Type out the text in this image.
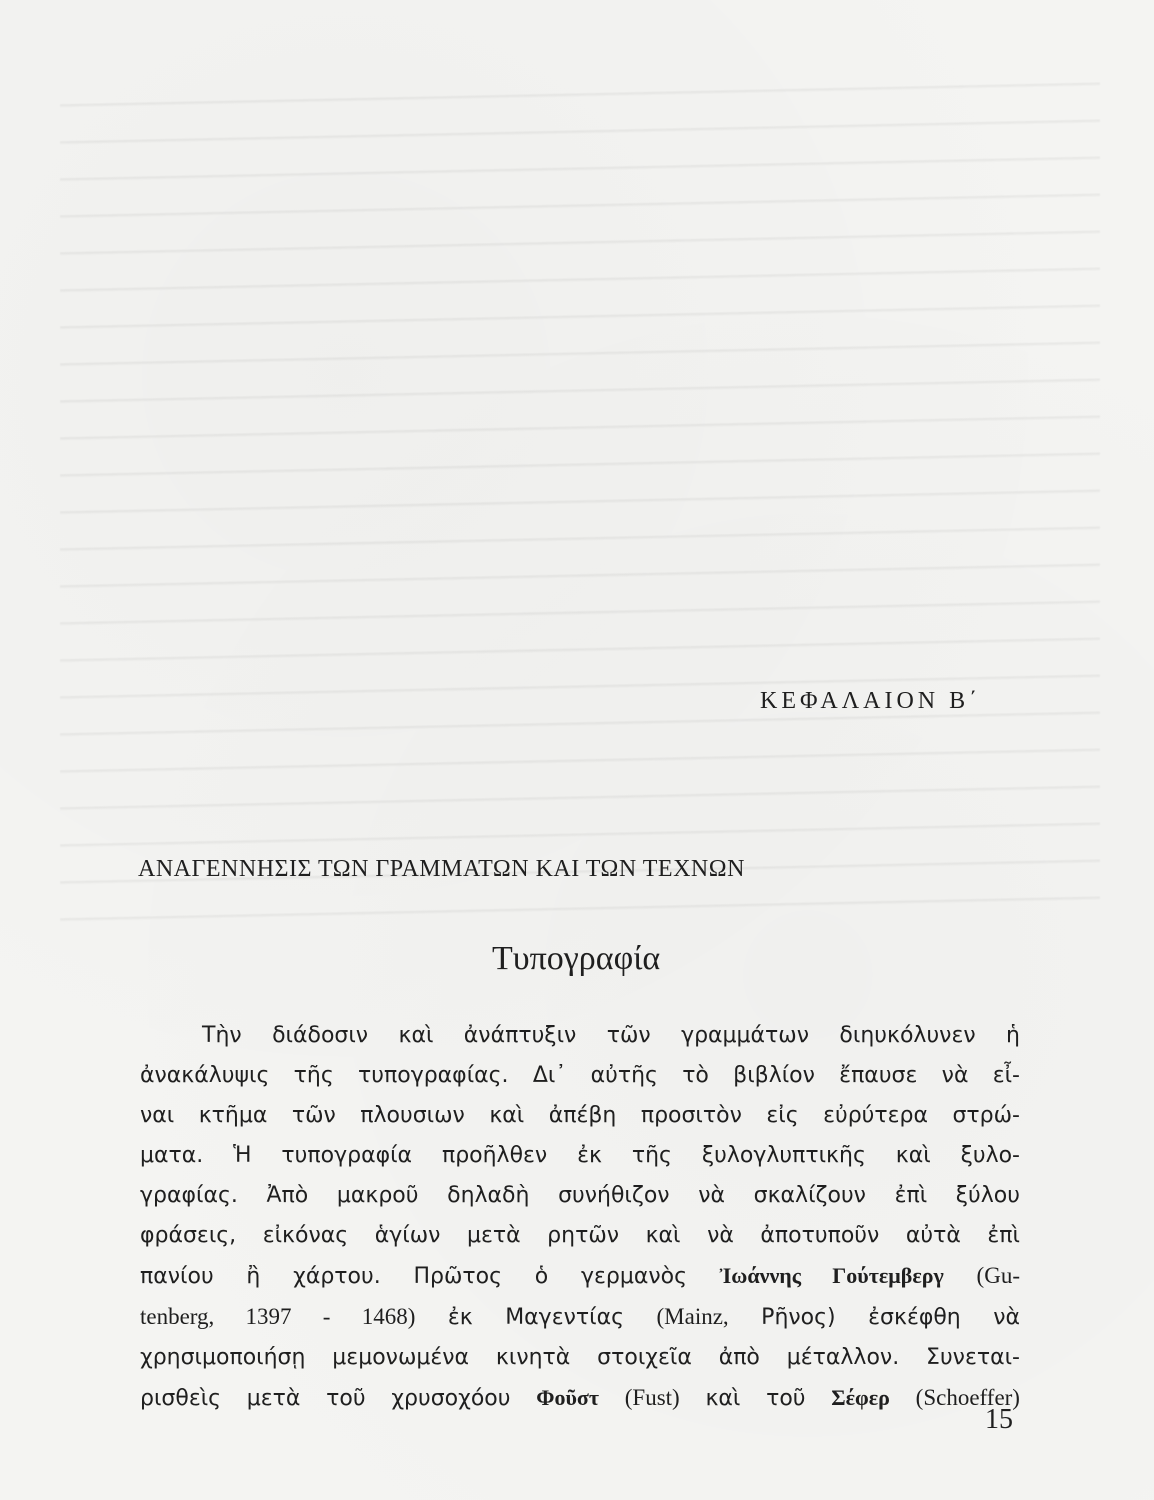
ΚΕΦΑΛΑΙΟΝ Β΄
ΑΝΑΓΕΝΝΗΣΙΣ ΤΩΝ ΓΡΑΜΜΑΤΩΝ ΚΑΙ ΤΩΝ ΤΕΧΝΩΝ
Τυπογραφία
Τὴν διάδοσιν καὶ ἀνάπτυξιν τῶν γραμμάτων διηυκόλυνεν ἡ
ἀνακάλυψις τῆς τυπογραφίας. Δι᾽ αὐτῆς τὸ βιβλίον ἔπαυσε νὰ εἶ-
ναι κτῆμα τῶν πλουσιων καὶ ἀπέβη προσιτὸν εἰς εὐρύτερα στρώ-
ματα. Ἡ τυπογραφία προῆλθεν ἐκ τῆς ξυλογλυπτικῆς καὶ ξυλο-
γραφίας. Ἀπὸ μακροῦ δηλαδὴ συνήθιζον νὰ σκαλίζουν ἐπὶ ξύλου
φράσεις, εἰκόνας ἁγίων μετὰ ρητῶν καὶ νὰ ἀποτυποῦν αὐτὰ ἐπὶ
πανίου ἢ χάρτου. Πρῶτος ὁ γερμανὸς Ἰωάννης Γούτεμβεργ (Gu-
tenberg, 1397 - 1468) ἐκ Μαγεντίας (Mainz, Ρῆνος) ἐσκέφθη νὰ
χρησιμοποιήσῃ μεμονωμένα κινητὰ στοιχεῖα ἀπὸ μέταλλον. Συνεται-
ρισθεὶς μετὰ τοῦ χρυσοχόου Φοῦστ (Fust) καὶ τοῦ Σέφερ (Schoeffer)
15
